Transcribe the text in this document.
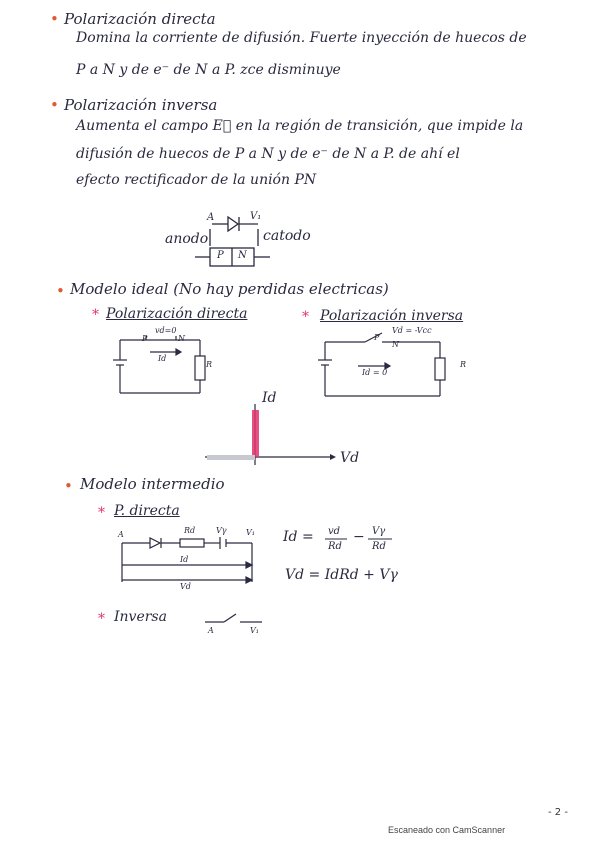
• Polarización directa
Domina la corriente de difusión. Fuerte inyección de huecos de
P a N y de e⁻ de N a P. zce disminuye
• Polarización inversa
Aumenta el campo E⃗ en la región de transición, que impide la
difusión de huecos de P a N y de e⁻ de N a P. de ahí el
efecto rectificador de la unión PN
A	V₁
anodo	catodo
P N
• Modelo ideal (No hay perdidas electricas)
* Polarización directa	* Polarización inversa
vd=0
P	N
Id
R
Vd = -Vcc
P
N
Id = 0
R
Id
Vd
• Modelo intermedio
* P. directa
A	Rd	Vγ V₁
Id
Vd
Id = vd
Rd
− Vγ
Rd
Vd = IdRd + Vγ
* Inversa
A	V₁
- 2 -
Escaneado con CamScanner
